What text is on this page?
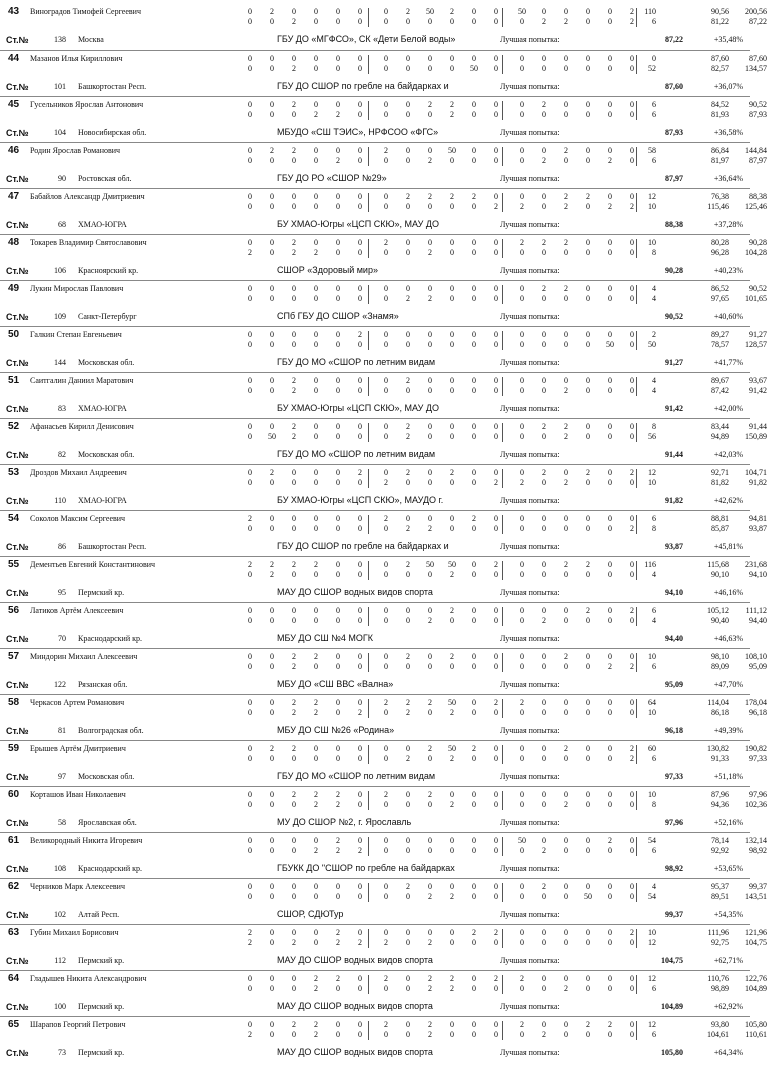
43 Виноградов Тимофей Сергеевич	0	2	0	0	0	0	0	2	50	2	0	0	50	0	0	0	0	2	110	90,56	200,56
0	0	2	0	0	0	0	0	0	0	0	0	0	2	2	0	0	2	6	81,22	87,22
Ст.№	138 Москва	ГБУ ДО «МГФСО», СК «Дети Белой воды»	Лучшая попытка:	87,22	+35,48%
44 Мазанов Илья Кириллович	0	0	0	0	0	0	0	0	0	0	0	0	0	0	0	0	0	0	0	87,60	87,60
0	0	2	0	0	0	0	0	0	0	50	0	0	0	0	0	0	0	52	82,57	134,57
Ст.№	101 Башкортостан Респ.	ГБУ ДО СШОР по гребле на байдарках и	Лучшая попытка:	87,60	+36,07%
45 Гусельников Ярослав Антонович	0	0	2	0	0	0	0	0	2	2	0	0	0	2	0	0	0	0	6	84,52	90,52
0	0	0	2	2	0	0	0	0	2	0	0	0	0	0	0	0	0	6	81,93	87,93
Ст.№	104 Новосибирская обл.	МБУДО «СШ ТЭИС», НРФСОО «ФГС»	Лучшая попытка:	87,93	+36,58%
46 Родин Ярослав Романович	0	2	2	0	0	0	2	0	0	50	0	0	0	0	2	0	0	0	58	86,84	144,84
0	0	0	0	2	0	0	0	2	0	0	0	0	2	0	0	2	0	6	81,97	87,97
Ст.№	90 Ростовская обл.	ГБУ ДО РО «СШОР №29»	Лучшая попытка:	87,97	+36,64%
47 Бабайлов Александр Дмитриевич	0	0	0	0	0	0	0	2	2	2	2	0	0	0	2	2	0	0	12	76,38	88,38
0	0	0	0	0	0	0	0	0	0	0	2	2	0	2	0	2	2	10	115,46	125,46
Ст.№	68 ХМАО-ЮГРА	БУ ХМАО-Югры «ЦСП СКЮ», МАУ ДО	Лучшая попытка:	88,38	+37,28%
48 Токарев Владимир Святославович	0	0	2	0	0	0	2	0	0	0	0	0	2	2	2	0	0	0	10	80,28	90,28
2	0	2	2	0	0	0	0	2	0	0	0	0	0	0	0	0	0	8	96,28	104,28
Ст.№	106 Красноярский кр.	СШОР «Здоровый мир»	Лучшая попытка:	90,28	+40,23%
49 Лукин Мирослав Павлович	0	0	0	0	0	0	0	0	0	0	0	0	0	2	2	0	0	0	4	86,52	90,52
0	0	0	0	0	0	0	2	2	0	0	0	0	0	0	0	0	0	4	97,65	101,65
Ст.№	109 Санкт-Петербург	СПб ГБУ ДО СШОР «Знамя»	Лучшая попытка:	90,52	+40,60%
50 Галкин Степан Евгеньевич	0	0	0	0	0	2	0	0	0	0	0	0	0	0	0	0	0	0	2	89,27	91,27
0	0	0	0	0	0	0	0	0	0	0	0	0	0	0	0	50	0	50	78,57	128,57
Ст.№	144 Московская обл.	ГБУ ДО МО «СШОР по летним видам	Лучшая попытка:	91,27	+41,77%
51 Саитгалин Даниил Маратович	0	0	2	0	0	0	0	2	0	0	0	0	0	0	0	0	0	0	4	89,67	93,67
0	0	2	0	0	0	0	0	0	0	0	0	0	0	2	0	0	0	4	87,42	91,42
Ст.№	83 ХМАО-ЮГРА	БУ ХМАО-Югры «ЦСП СКЮ», МАУ ДО	Лучшая попытка:	91,42	+42,00%
52 Афанасьев Кирилл Денисович	0	0	2	0	0	0	0	2	0	0	0	0	0	2	2	0	0	0	8	83,44	91,44
0	50	2	0	0	0	0	2	0	0	0	0	0	0	2	0	0	0	56	94,89	150,89
Ст.№	82 Московская обл.	ГБУ ДО МО «СШОР по летним видам	Лучшая попытка:	91,44	+42,03%
53 Дроздов Михаил Андреевич	0	2	0	0	0	2	0	2	0	2	0	0	0	2	0	2	0	2	12	92,71	104,71
0	0	0	0	0	0	2	0	0	0	0	2	2	0	2	0	0	0	10	81,82	91,82
Ст.№	110 ХМАО-ЮГРА	БУ ХМАО-Югры «ЦСП СКЮ», МАУДО г.	Лучшая попытка:	91,82	+42,62%
54 Соколов Максим Сергеевич	2	0	0	0	0	0	2	0	0	0	2	0	0	0	0	0	0	0	6	88,81	94,81
0	0	0	0	0	0	0	2	2	0	0	0	0	0	0	0	0	2	8	85,87	93,87
Ст.№	86 Башкортостан Респ.	ГБУ ДО СШОР по гребле на байдарках и	Лучшая попытка:	93,87	+45,81%
55 Дементьев Евгений Константинович	2	2	2	2	0	0	0	2	50 50	0	2	0	0	2	2	0	0	116	115,68	231,68
0	2	0	0	0	0	0	0	0	2	0	0	0	0	0	0	0	0	4	90,10	94,10
Ст.№	95 Пермский кр.	МАУ ДО СШОР водных видов спорта	Лучшая попытка:	94,10	+46,16%
56 Латиков Артём Алексеевич	0	0	0	0	0	0	0	0	0	2	0	0	0	0	0	2	0	2	6	105,12	111,12
0	0	0	0	0	0	0	0	2	0	0	0	0	2	0	0	0	0	4	90,40	94,40
Ст.№	70 Краснодарский кр.	МБУ ДО СШ №4 МОГК	Лучшая попытка:	94,40	+46,63%
57 Миндорин Михаил Алексеевич	0	0	2	2	0	0	0	2	0	2	0	0	0	0	2	0	0	0	10	98,10	108,10
0	0	2	0	0	0	0	0	0	0	0	0	0	0	0	0	2	2	6	89,09	95,09
Ст.№	122 Рязанская обл.	МБУ ДО «СШ ВВС «Вална»	Лучшая попытка:	95,09	+47,70%
58 Черкасов Артем Романович	0	0	2	2	0	0	2	2	2	50	0	2	2	0	0	0	0	0	64	114,04	178,04
0	0	2	2	0	2	0	2	0	2	0	0	0	0	0	0	0	0	10	86,18	96,18
Ст.№	81 Волгоградская обл.	МБУ ДО СШ №26 «Родина»	Лучшая попытка:	96,18	+49,39%
59 Ерышев Артём Дмитриевич	0	2	2	0	0	0	0	0	2	50	2	0	0	0	2	0	0	2	60	130,82	190,82
0	0	0	0	0	0	0	2	0	2	0	0	0	0	0	0	0	2	6	91,33	97,33
Ст.№	97 Московская обл.	ГБУ ДО МО «СШОР по летним видам	Лучшая попытка:	97,33	+51,18%
60 Корташов Иван Николаевич	0	0	2	2	2	0	2	0	2	0	0	0	0	0	0	0	0	0	10	87,96	97,96
0	0	0	2	2	0	0	0	0	2	0	0	0	0	2	0	0	0	8	94,36	102,36
Ст.№	58 Ярославская обл.	МУ ДО СШОР №2, г. Ярославль	Лучшая попытка:	97,96	+52,16%
61 Великородный Никита Игоревич	0	0	0	0	2	0	0	0	0	0	0	0	50	0	0	0	2	0	54	78,14	132,14
0	0	0	2	2	2	0	0	0	0	0	0	0	2	0	0	0	0	6	92,92	98,92
Ст.№	108 Краснодарский кр.	ГБУКК ДО "СШОР по гребле на байдарках	Лучшая попытка:	98,92	+53,65%
62 Черников Марк Алексеевич	0	0	0	0	0	0	0	2	0	0	0	0	0	2	0	0	0	0	4	95,37	99,37
0	0	0	0	0	0	0	0	2	2	0	0	0	0	0	50	0	0	54	89,51	143,51
Ст.№	102 Алтай Респ.	СШОР, СДЮТур	Лучшая попытка:	99,37	+54,35%
63 Губин Михаил Борисович	2	0	0	0	2	0	0	0	0	0	2	2	0	0	0	0	0	2	10	111,96	121,96
2	0	2	0	2	2	2	0	2	0	0	0	0	0	0	0	0	0	12	92,75	104,75
Ст.№	112 Пермский кр.	МАУ ДО СШОР водных видов спорта	Лучшая попытка:	104,75	+62,71%
64 Гладышев Никита Александрович	0	0	0	2	2	0	2	0	2	2	0	2	2	0	0	0	0	0	12	110,76	122,76
0	0	0	2	0	0	0	0	2	2	0	0	0	0	2	0	0	0	6	98,89	104,89
Ст.№	100 Пермский кр.	МАУ ДО СШОР водных видов спорта	Лучшая попытка:	104,89	+62,92%
65 Шарапов Георгий Петрович	0	0	2	2	0	0	2	0	2	0	0	0	2	0	0	2	2	0	12	93,80	105,80
2	0	0	2	0	0	0	0	2	0	0	0	0	2	0	0	0	0	6	104,61	110,61
Ст.№	73 Пермский кр.	МАУ ДО СШОР водных видов спорта	Лучшая попытка:	105,80	+64,34%
